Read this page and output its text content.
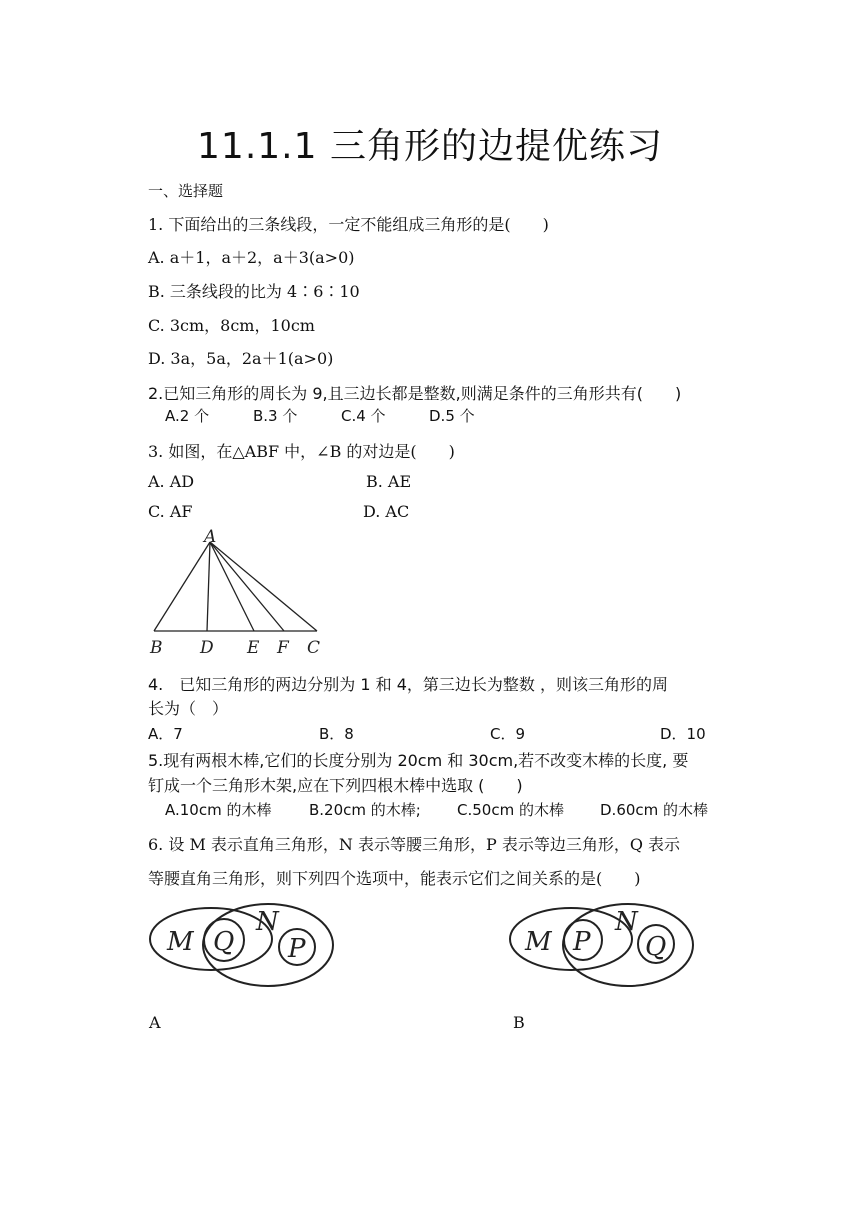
11.1.1 三角形的边提优练习
一、选择题
1. 下面给出的三条线段，一定不能组成三角形的是(　　)
A. a＋1，a＋2，a＋3(a>0)
B. 三条线段的比为 4∶6∶10
C. 3cm，8cm，10cm
D. 3a，5a，2a＋1(a>0)
2.已知三角形的周长为 9,且三边长都是整数,则满足条件的三角形共有(　　)
A.2 个	B.3 个	C.4 个	D.5 个
3. 如图，在△ABF 中，∠B 的对边是(　　)
A. AD	B. AE
C. AF	D. AC
A
B D E F C
4.　已知三角形的两边分别为 1 和 4，第三边长为整数 ，则该三角形的周
长为（　）
A．7	B．8	C．9	D．10
5.现有两根木棒,它们的长度分别为 20cm 和 30cm,若不改变木棒的长度, 要
钉成一个三角形木架,应在下列四根木棒中选取 (　　)
A.10cm 的木棒	B.20cm 的木棒; C.50cm 的木棒 D.60cm 的木棒
6. 设 M 表示直角三角形，N 表示等腰三角形，P 表示等边三角形，Q 表示
等腰直角三角形，则下列四个选项中，能表示它们之间关系的是(　　)
M Q
N
P
A
M P
N
Q
B
